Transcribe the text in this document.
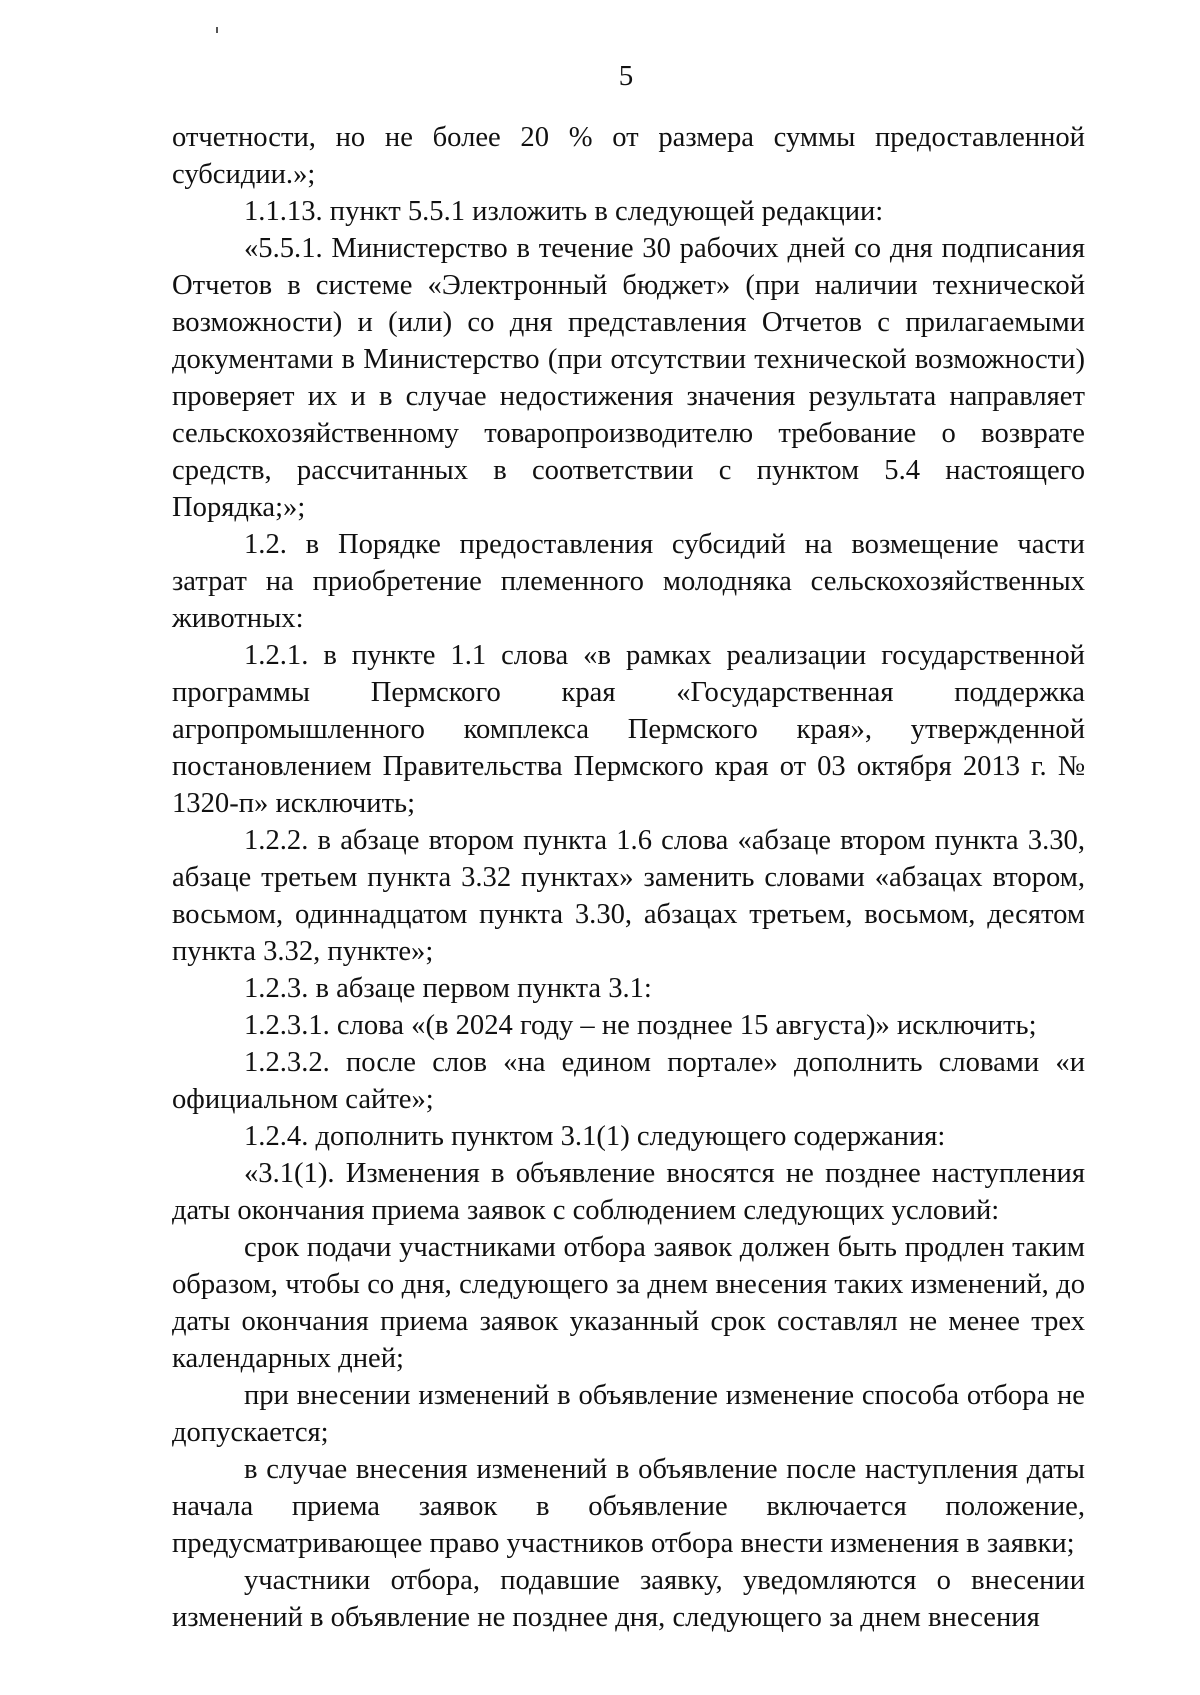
5

отчетности, но не более 20 % от размера суммы предоставленной субсидии.»;

1.1.13. пункт 5.5.1 изложить в следующей редакции:

«5.5.1. Министерство в течение 30 рабочих дней со дня подписания Отчетов в системе «Электронный бюджет» (при наличии технической возможности) и (или) со дня представления Отчетов с прилагаемыми документами в Министерство (при отсутствии технической возможности) проверяет их и в случае недостижения значения результата направляет сельскохозяйственному товаропроизводителю требование о возврате средств, рассчитанных в соответствии с пунктом 5.4 настоящего Порядка;»;

1.2. в Порядке предоставления субсидий на возмещение части затрат на приобретение племенного молодняка сельскохозяйственных животных:

1.2.1. в пункте 1.1 слова «в рамках реализации государственной программы Пермского края «Государственная поддержка агропромышленного комплекса Пермского края», утвержденной постановлением Правительства Пермского края от 03 октября 2013 г. № 1320-п» исключить;

1.2.2. в абзаце втором пункта 1.6 слова «абзаце втором пункта 3.30, абзаце третьем пункта 3.32 пунктах» заменить словами «абзацах втором, восьмом, одиннадцатом пункта 3.30, абзацах третьем, восьмом, десятом пункта 3.32, пункте»;

1.2.3. в абзаце первом пункта 3.1:

1.2.3.1. слова «(в 2024 году – не позднее 15 августа)» исключить;

1.2.3.2. после слов «на едином портале» дополнить словами «и официальном сайте»;

1.2.4. дополнить пунктом 3.1(1) следующего содержания:

«3.1(1). Изменения в объявление вносятся не позднее наступления даты окончания приема заявок с соблюдением следующих условий:

срок подачи участниками отбора заявок должен быть продлен таким образом, чтобы со дня, следующего за днем внесения таких изменений, до даты окончания приема заявок указанный срок составлял не менее трех календарных дней;

при внесении изменений в объявление изменение способа отбора не допускается;

в случае внесения изменений в объявление после наступления даты начала приема заявок в объявление включается положение, предусматривающее право участников отбора внести изменения в заявки;

участники отбора, подавшие заявку, уведомляются о внесении изменений в объявление не позднее дня, следующего за днем внесения
